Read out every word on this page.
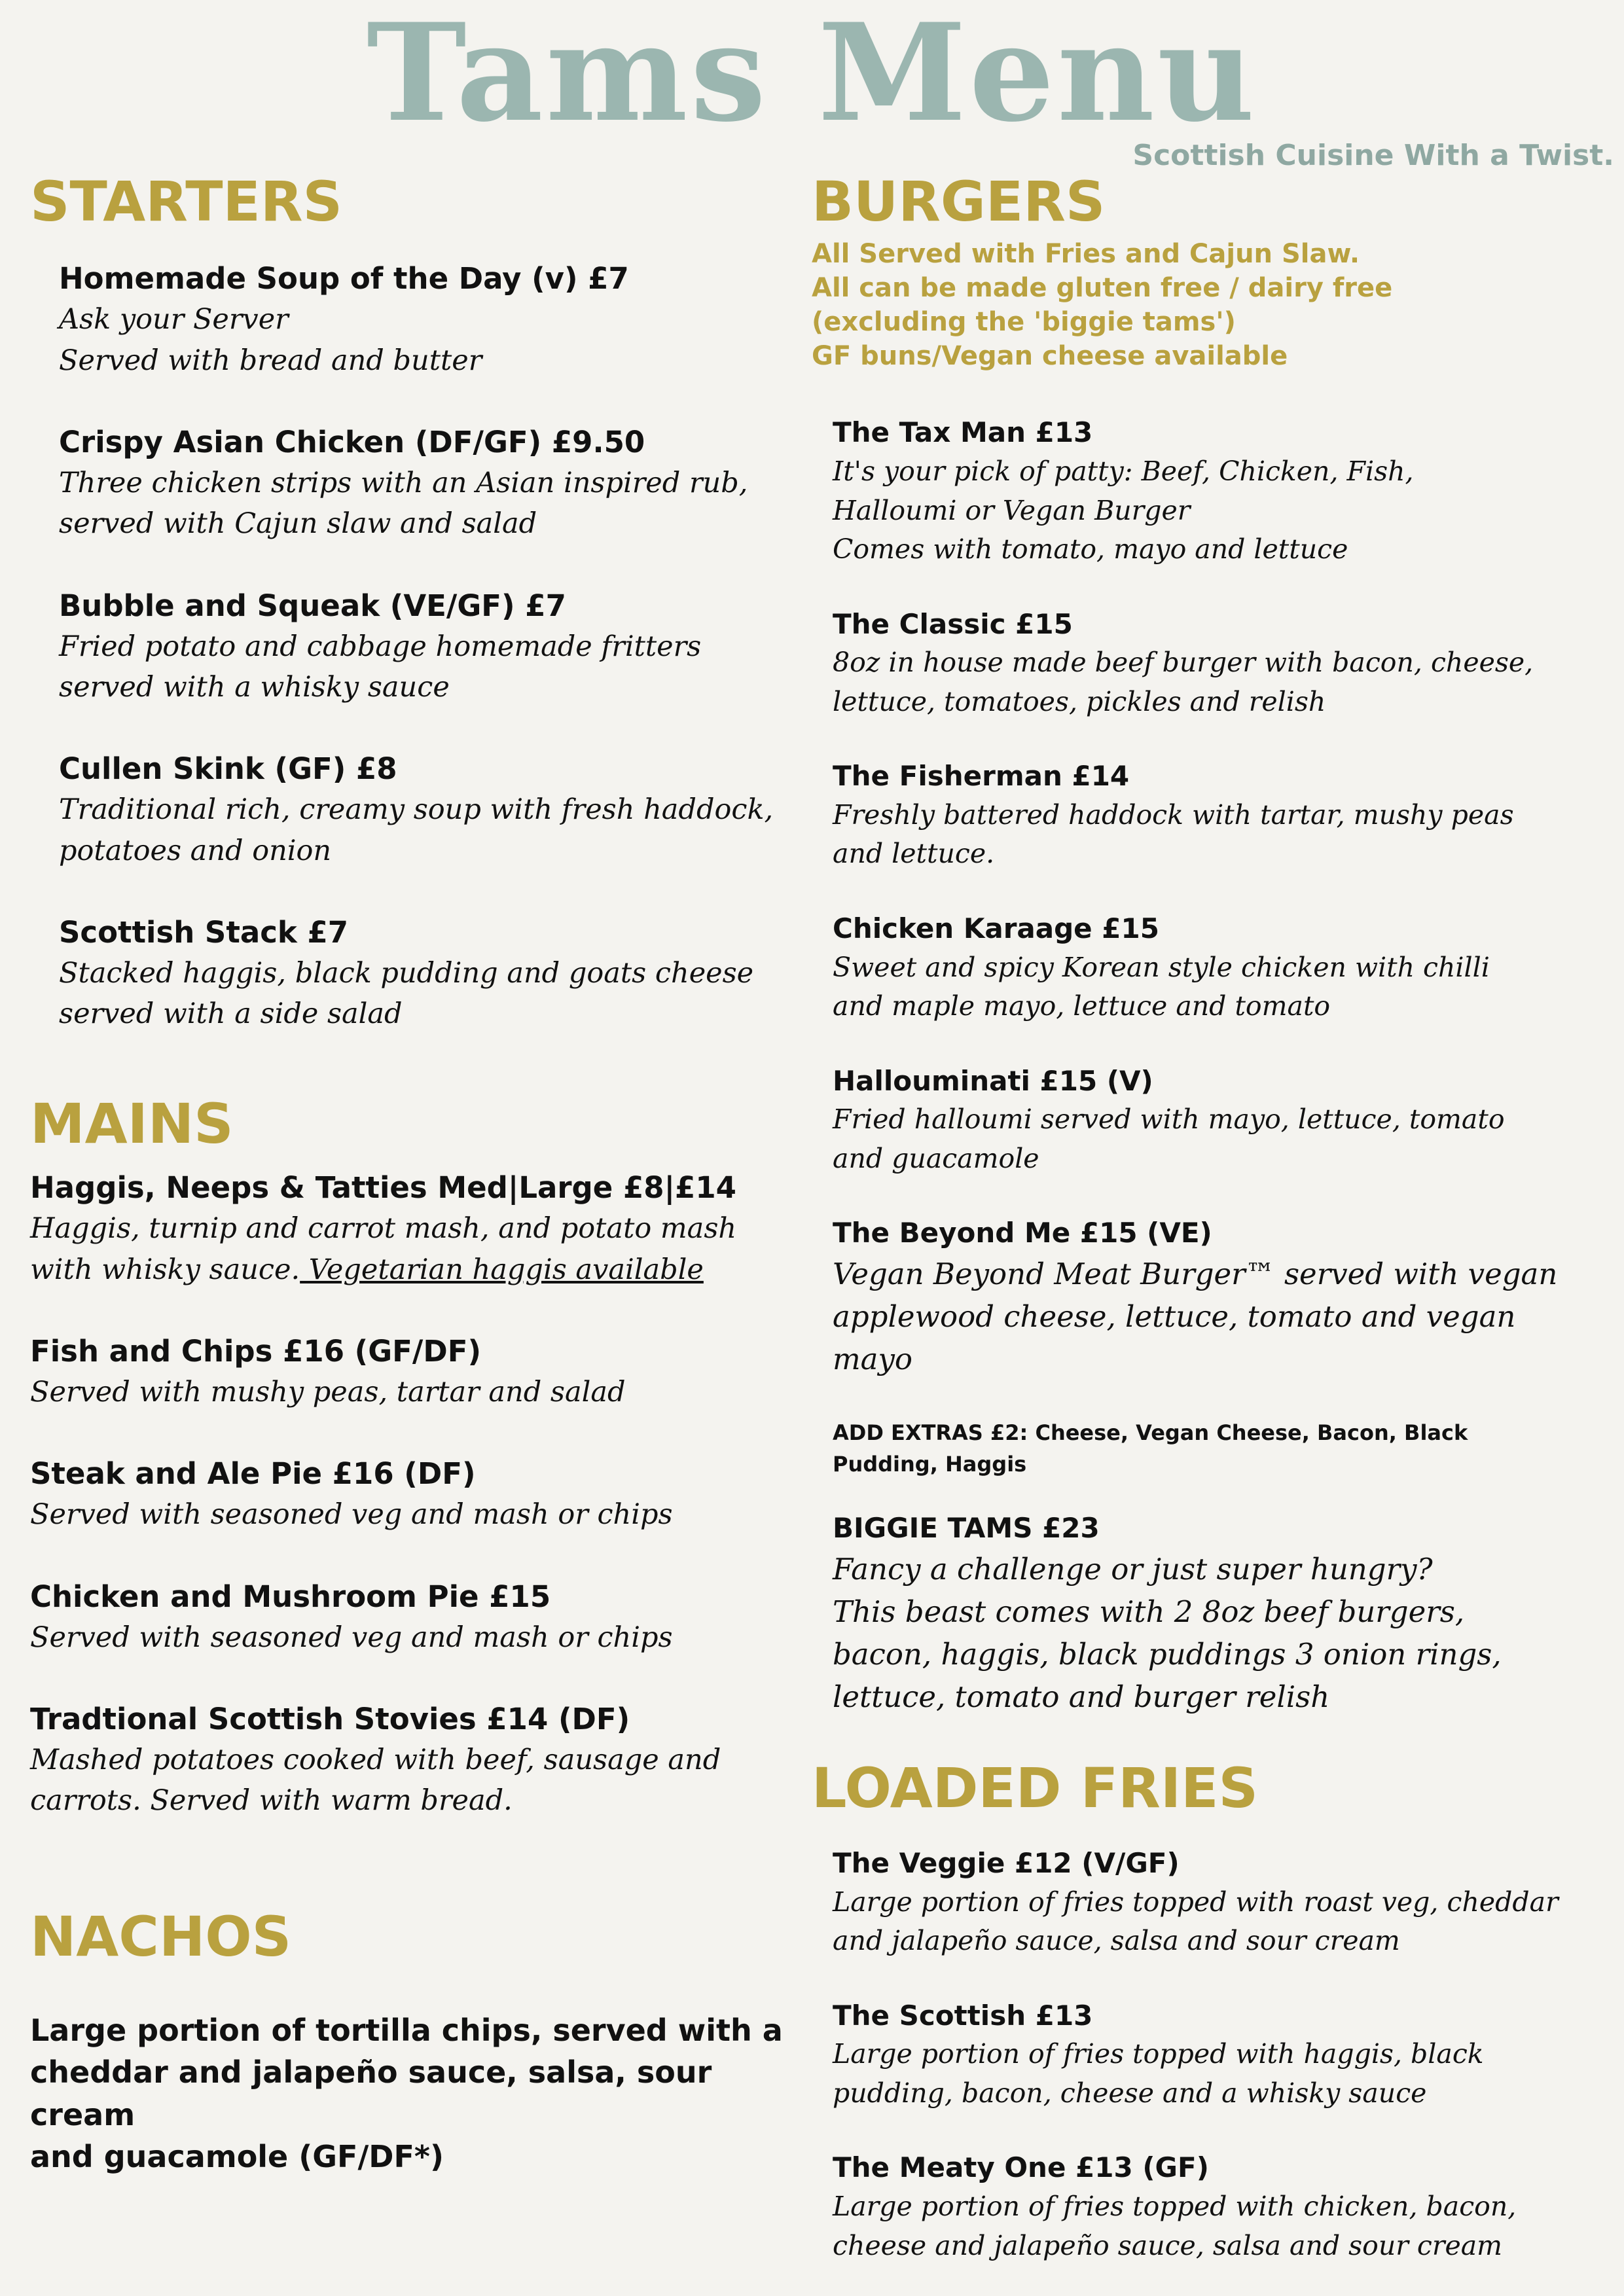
Tams Menu
Scottish Cuisine With a Twist.
STARTERS
Homemade Soup of the Day (v) £7
Ask your Server
Served with bread and butter
Crispy Asian Chicken (DF/GF) £9.50
Three chicken strips with an Asian inspired rub,
served with Cajun slaw and salad
Bubble and Squeak (VE/GF) £7
Fried potato and cabbage homemade fritters
served with a whisky sauce
Cullen Skink (GF) £8
Traditional rich, creamy soup with fresh haddock,
potatoes and onion
Scottish Stack £7
Stacked haggis, black pudding and goats cheese
served with a side salad
MAINS
Haggis, Neeps & Tatties Med|Large £8|£14
Haggis, turnip and carrot mash, and potato mash
with whisky sauce. Vegetarian haggis available
Fish and Chips £16 (GF/DF)
Served with mushy peas, tartar and salad
Steak and Ale Pie £16 (DF)
Served with seasoned veg and mash or chips
Chicken and Mushroom Pie £15
Served with seasoned veg and mash or chips
Tradtional Scottish Stovies £14 (DF)
Mashed potatoes cooked with beef, sausage and
carrots. Served with warm bread.
NACHOS
Large portion of tortilla chips, served with a
cheddar and jalapeño sauce, salsa, sour cream
and guacamole (GF/DF*)
BURGERS
All Served with Fries and Cajun Slaw.
All can be made gluten free / dairy free
(excluding the 'biggie tams')
GF buns/Vegan cheese available
The Tax Man £13
It's your pick of patty: Beef, Chicken, Fish,
Halloumi or Vegan Burger
Comes with tomato, mayo and lettuce
The Classic £15
8oz in house made beef burger with bacon, cheese,
lettuce, tomatoes, pickles and relish
The Fisherman £14
Freshly battered haddock with tartar, mushy peas
and lettuce.
Chicken Karaage £15
Sweet and spicy Korean style chicken with chilli
and maple mayo, lettuce and tomato
Hallouminati £15 (V)
Fried halloumi served with mayo, lettuce, tomato
and guacamole
The Beyond Me £15 (VE)
Vegan Beyond Meat Burger™ served with vegan
applewood cheese, lettuce, tomato and vegan
mayo
ADD EXTRAS £2: Cheese, Vegan Cheese, Bacon, Black
Pudding, Haggis
BIGGIE TAMS £23
Fancy a challenge or just super hungry?
This beast comes with 2 8oz beef burgers,
bacon, haggis, black puddings 3 onion rings,
lettuce, tomato and burger relish
LOADED FRIES
The Veggie £12 (V/GF)
Large portion of fries topped with roast veg, cheddar
and jalapeño sauce, salsa and sour cream
The Scottish £13
Large portion of fries topped with haggis, black
pudding, bacon, cheese and a whisky sauce
The Meaty One £13 (GF)
Large portion of fries topped with chicken, bacon,
cheese and jalapeño sauce, salsa and sour cream
